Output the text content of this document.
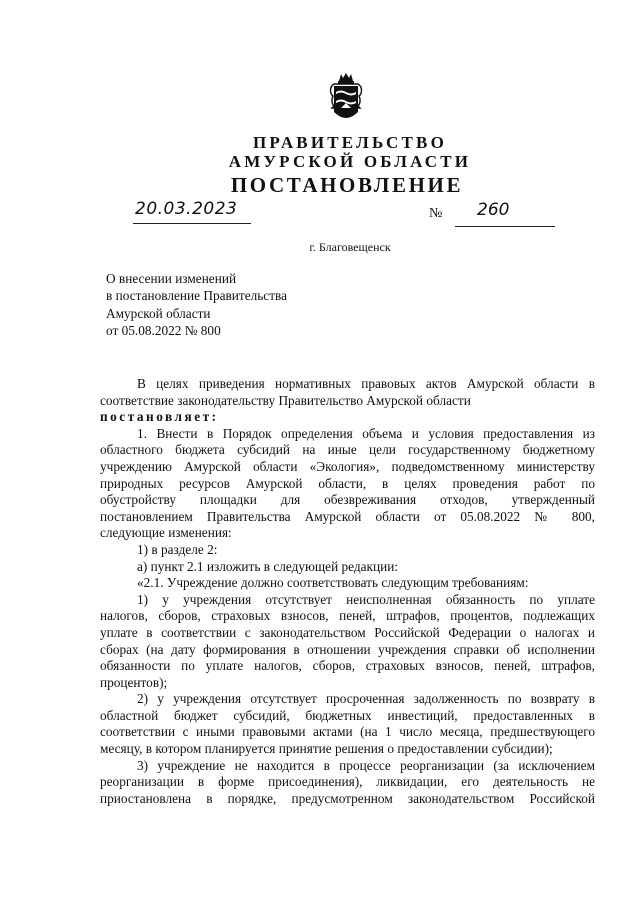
ПРАВИТЕЛЬСТВО
АМУРСКОЙ ОБЛАСТИ
ПОСТАНОВЛЕНИЕ
20.03.2023	№ 260
г. Благовещенск
О внесении изменений
в постановление Правительства
Амурской области
от 05.08.2022 № 800

В целях приведения нормативных правовых актов Амурской области в

соответствие законодательству Правительство Амурской области

постановляет:

1. Внести в Порядок определения объема и условия предоставления из

областного бюджета субсидий на иные цели государственному бюджетному

учреждению Амурской области «Экология», подведомственному министерству

природных ресурсов Амурской области, в целях проведения работ по

обустройству площадки для обезвреживания отходов, утвержденный

постановлением Правительства Амурской области от 05.08.2022 № 800,

следующие изменения:

1) в разделе 2:

а) пункт 2.1 изложить в следующей редакции:

«2.1. Учреждение должно соответствовать следующим требованиям:

1) у учреждения отсутствует неисполненная обязанность по уплате

налогов, сборов, страховых взносов, пеней, штрафов, процентов, подлежащих

уплате в соответствии с законодательством Российской Федерации о налогах и

сборах (на дату формирования в отношении учреждения справки об исполнении

обязанности по уплате налогов, сборов, страховых взносов, пеней, штрафов,

процентов);

2) у учреждения отсутствует просроченная задолженность по возврату в

областной бюджет субсидий, бюджетных инвестиций, предоставленных в

соответствии с иными правовыми актами (на 1 число месяца, предшествующего

месяцу, в котором планируется принятие решения о предоставлении субсидии);

3) учреждение не находится в процессе реорганизации (за исключением

реорганизации в форме присоединения), ликвидации, его деятельность не

приостановлена в порядке, предусмотренном законодательством Российской
